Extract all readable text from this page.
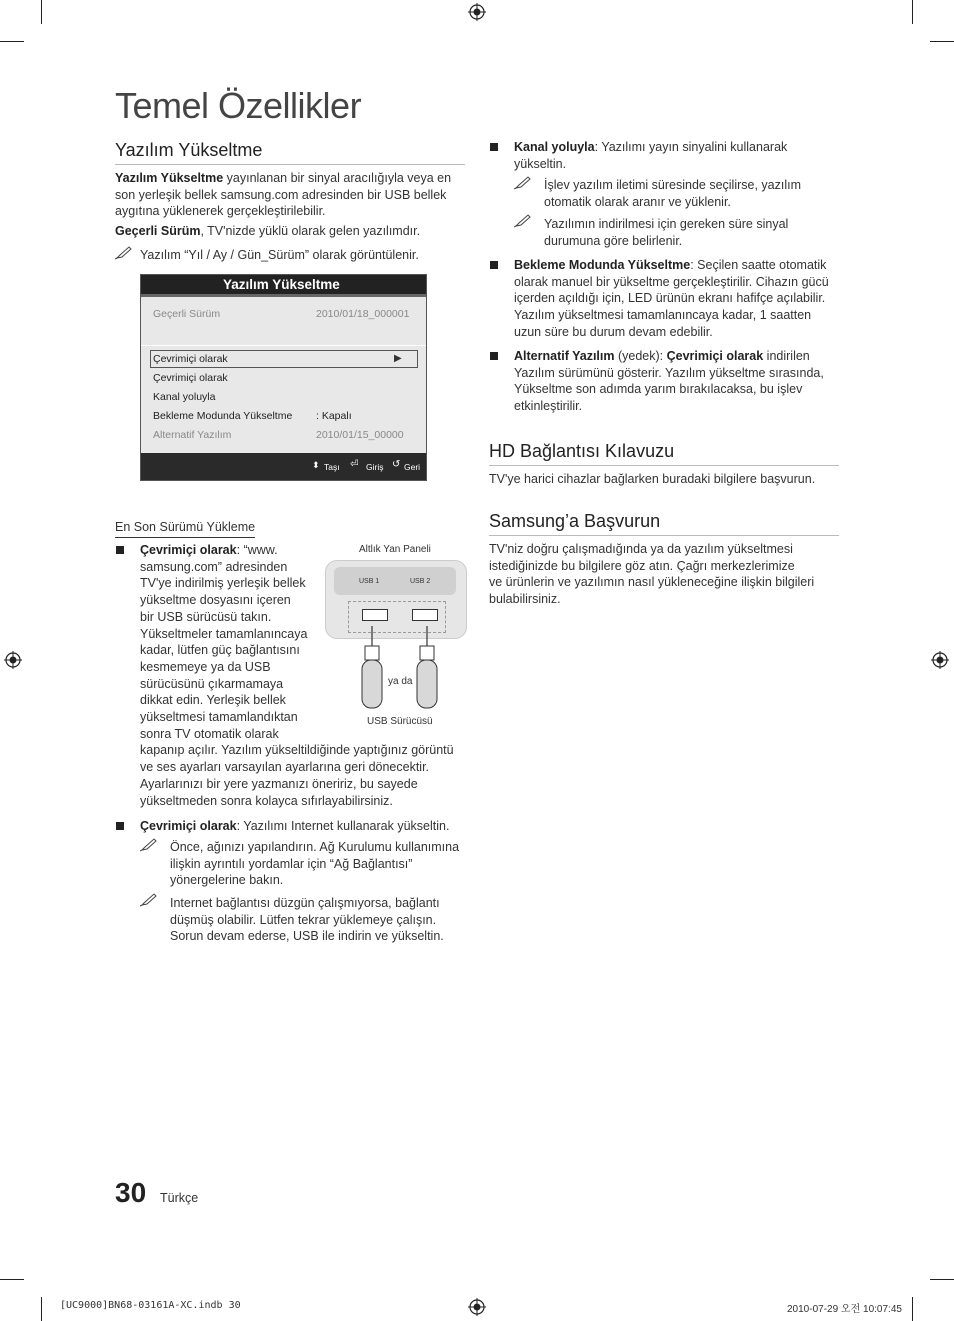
Temel Özellikler
Yazılım Yükseltme
Yazılım Yükseltme yayınlanan bir sinyal aracılığıyla veya en
son yerleşik bellek samsung.com adresinden bir USB bellek
aygıtına yüklenerek gerçekleştirilebilir.
Geçerli Sürüm, TV'nizde yüklü olarak gelen yazılımdır.
Yazılım “Yıl / Ay / Gün_Sürüm” olarak görüntülenir.
Yazılım Yükseltme
Geçerli Sürüm	2010/01/18_000001
Çevrimiçi olarak	▶
Çevrimiçi olarak
Kanal yoluyla
Bekleme Modunda Yükseltme : Kapalı
Alternatif Yazılım	2010/01/15_00000
⬍ Taşı ⏎ Giriş ↺ Geri
En Son Sürümü Yükleme
Çevrimiçi olarak: “www.
samsung.com” adresinden
TV'ye indirilmiş yerleşik bellek
yükseltme dosyasını içeren
bir USB sürücüsü takın.
Yükseltmeler tamamlanıncaya
kadar, lütfen güç bağlantısını
kesmemeye ya da USB
sürücüsünü çıkarmamaya
dikkat edin. Yerleşik bellek
yükseltmesi tamamlandıktan
sonra TV otomatik olarak
kapanıp açılır. Yazılım yükseltildiğinde yaptığınız görüntü
ve ses ayarları varsayılan ayarlarına geri dönecektir.
Ayarlarınızı bir yere yazmanızı öneririz, bu sayede
yükseltmeden sonra kolayca sıfırlayabilirsiniz.
Altlık Yan Paneli
USB 1	USB 2
ya da
USB Sürücüsü
Çevrimiçi olarak: Yazılımı Internet kullanarak yükseltin.
Önce, ağınızı yapılandırın. Ağ Kurulumu kullanımına
ilişkin ayrıntılı yordamlar için “Ağ Bağlantısı”
yönergelerine bakın.
Internet bağlantısı düzgün çalışmıyorsa, bağlantı
düşmüş olabilir. Lütfen tekrar yüklemeye çalışın.
Sorun devam ederse, USB ile indirin ve yükseltin.
Kanal yoluyla: Yazılımı yayın sinyalini kullanarak
yükseltin.
İşlev yazılım iletimi süresinde seçilirse, yazılım
otomatik olarak aranır ve yüklenir.
Yazılımın indirilmesi için gereken süre sinyal
durumuna göre belirlenir.
Bekleme Modunda Yükseltme: Seçilen saatte otomatik
olarak manuel bir yükseltme gerçekleştirilir. Cihazın gücü
içerden açıldığı için, LED ürünün ekranı hafifçe açılabilir.
Yazılım yükseltmesi tamamlanıncaya kadar, 1 saatten
uzun süre bu durum devam edebilir.
Alternatif Yazılım (yedek): Çevrimiçi olarak indirilen
Yazılım sürümünü gösterir. Yazılım yükseltme sırasında,
Yükseltme son adımda yarım bırakılacaksa, bu işlev
etkinleştirilir.
HD Bağlantısı Kılavuzu
TV'ye harici cihazlar bağlarken buradaki bilgilere başvurun.
Samsung’a Başvurun
TV'niz doğru çalışmadığında ya da yazılım yükseltmesi
istediğinizde bu bilgilere göz atın. Çağrı merkezlerimize
ve ürünlerin ve yazılımın nasıl yükleneceğine ilişkin bilgileri
bulabilirsiniz.
30 Türkçe
[UC9000]BN68-03161A-XC.indb 30	2010-07-29 오전 10:07:45
